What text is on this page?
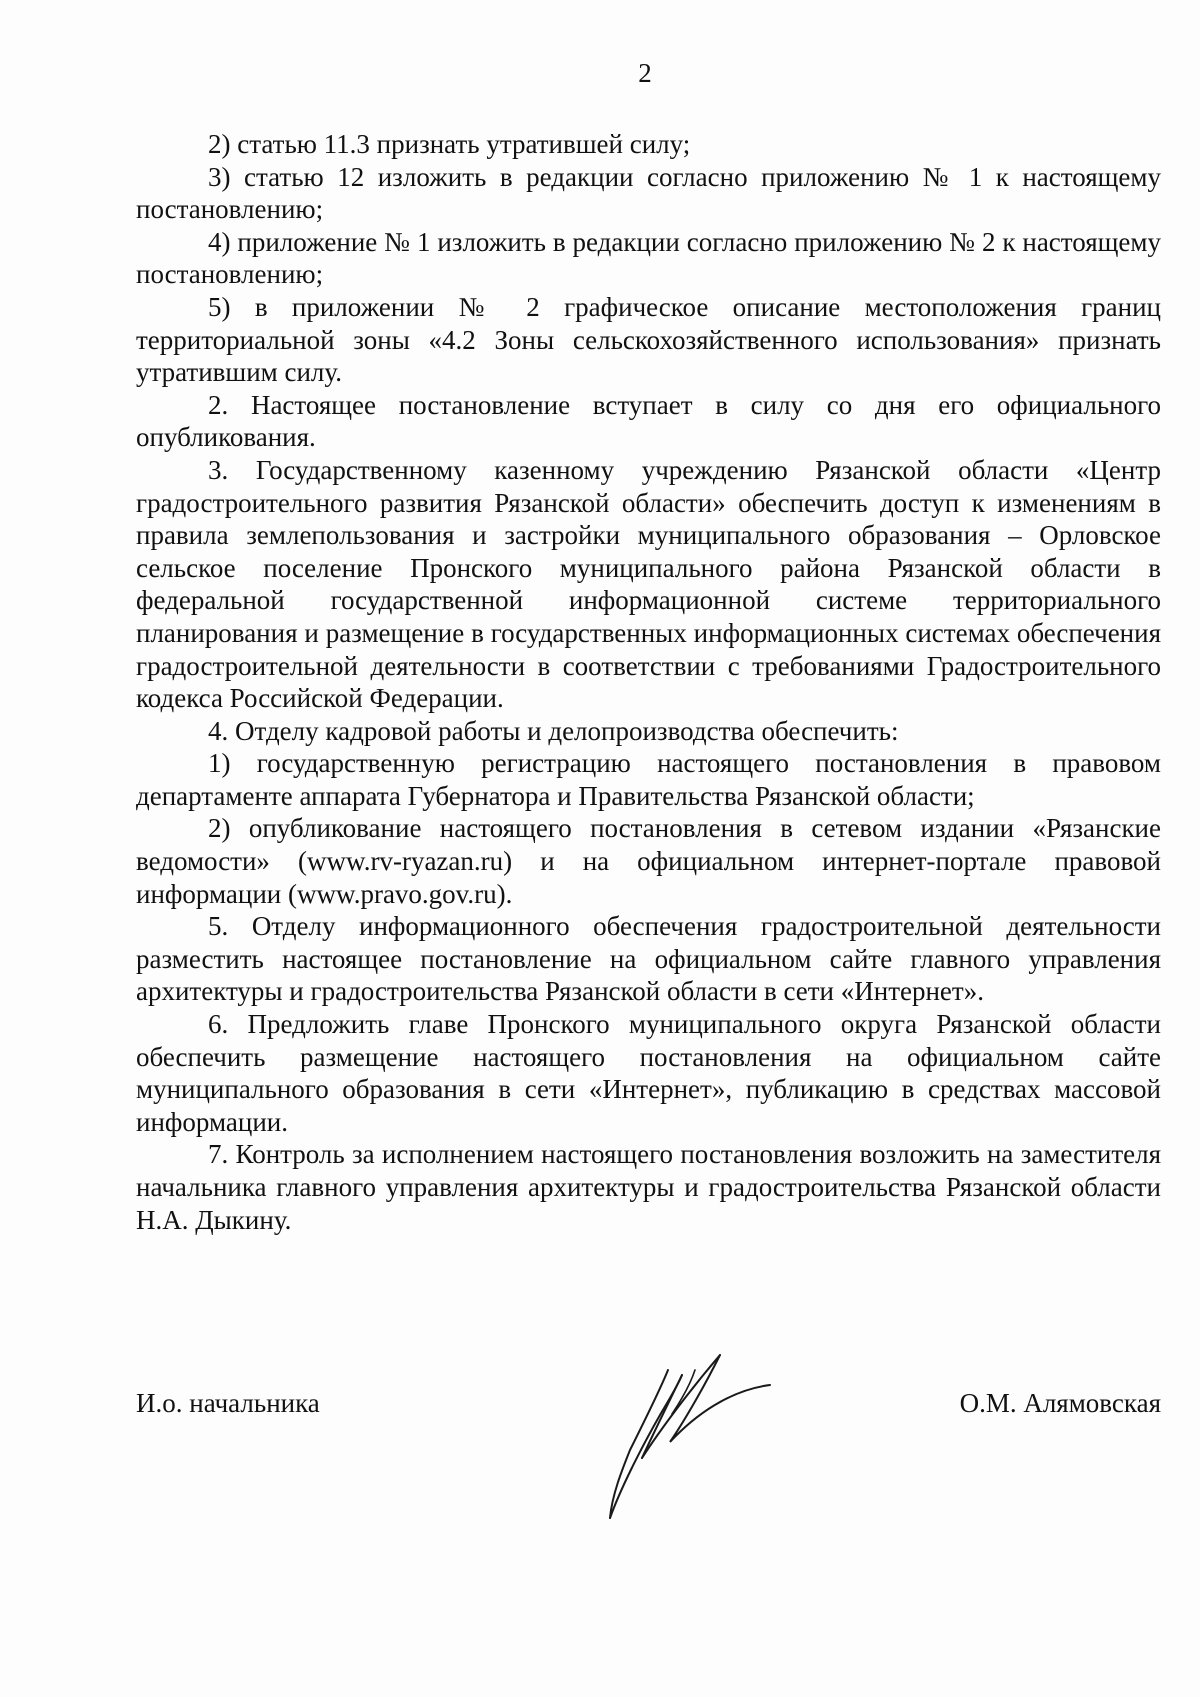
2

2) статью 11.3 признать утратившей силу;

3) статью 12 изложить в редакции согласно приложению № 1 к настоящему постановлению;

4) приложение № 1 изложить в редакции согласно приложению № 2 к настоящему постановлению;

5) в приложении № 2 графическое описание местоположения границ территориальной зоны «4.2 Зоны сельскохозяйственного использования» признать утратившим силу.

2. Настоящее постановление вступает в силу со дня его официального опубликования.

3. Государственному казенному учреждению Рязанской области «Центр градостроительного развития Рязанской области» обеспечить доступ к изменениям в правила землепользования и застройки муниципального образования – Орловское сельское поселение Пронского муниципального района Рязанской области в федеральной государственной информационной системе территориального планирования и размещение в государственных информационных системах обеспечения градостроительной деятельности в соответствии с требованиями Градостроительного кодекса Российской Федерации.

4. Отделу кадровой работы и делопроизводства обеспечить:

1) государственную регистрацию настоящего постановления в правовом департаменте аппарата Губернатора и Правительства Рязанской области;

2) опубликование настоящего постановления в сетевом издании «Рязанские ведомости» (www.rv-ryazan.ru) и на официальном интернет-портале правовой информации (www.pravo.gov.ru).

5. Отделу информационного обеспечения градостроительной деятельности разместить настоящее постановление на официальном сайте главного управления архитектуры и градостроительства Рязанской области в сети «Интернет».

6. Предложить главе Пронского муниципального округа Рязанской области обеспечить размещение настоящего постановления на официальном сайте муниципального образования в сети «Интернет», публикацию в средствах массовой информации.

7. Контроль за исполнением настоящего постановления возложить на заместителя начальника главного управления архитектуры и градостроительства Рязанской области Н.А. Дыкину.

И.о. начальника	О.М. Алямовская
